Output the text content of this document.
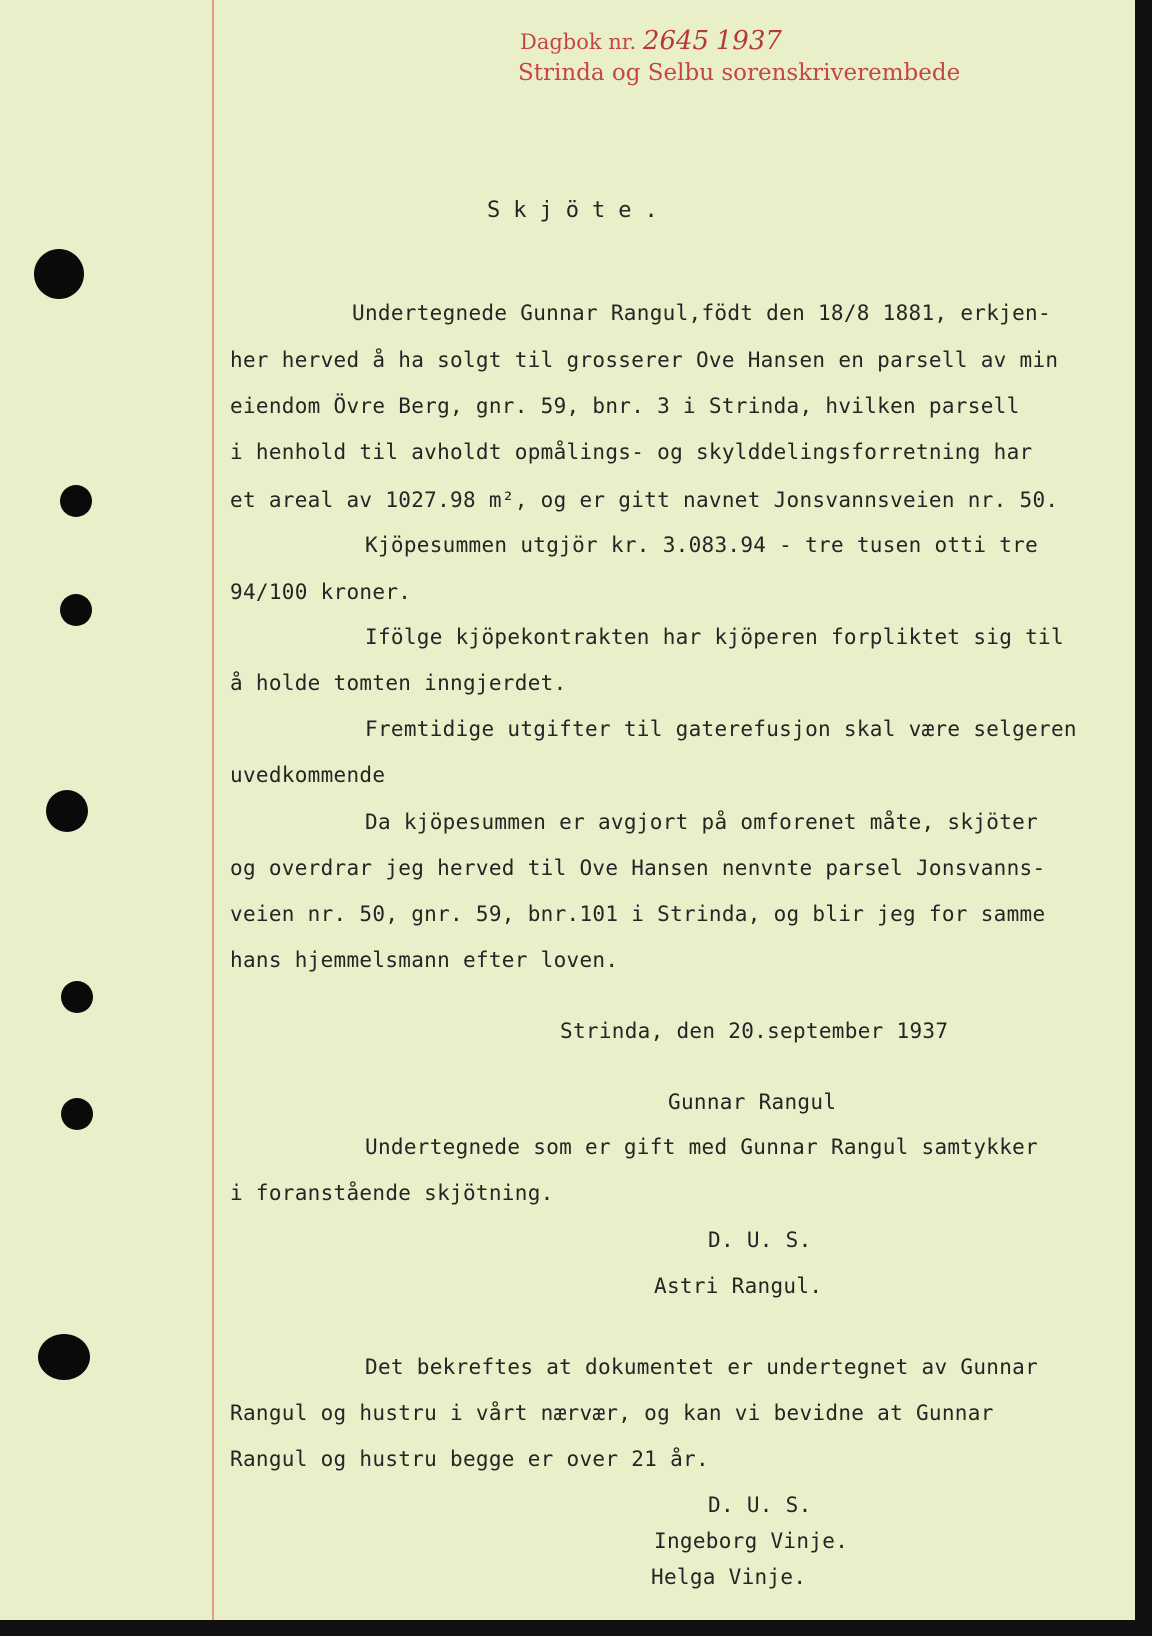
Dagbok nr. 2645 1937
Strinda og Selbu sorenskriverembede
Skjöte.
Undertegnede Gunnar Rangul,födt den 18/8 1881, erkjen-
her herved å ha solgt til grosserer Ove Hansen en parsell av min
eiendom Övre Berg, gnr. 59, bnr. 3 i Strinda, hvilken parsell
i henhold til avholdt opmålings- og skylddelingsforretning har
et areal av 1027.98 m², og er gitt navnet Jonsvannsveien nr. 50.
Kjöpesummen utgjör kr. 3.083.94 - tre tusen otti tre
94/100 kroner.
Ifölge kjöpekontrakten har kjöperen forpliktet sig til
å holde tomten inngjerdet.
Fremtidige utgifter til gaterefusjon skal være selgeren
uvedkommende
Da kjöpesummen er avgjort på omforenet måte, skjöter
og overdrar jeg herved til Ove Hansen nenvnte parsel Jonsvanns-
veien nr. 50, gnr. 59, bnr.101 i Strinda, og blir jeg for samme
hans hjemmelsmann efter loven.
Strinda, den 20.september 1937
Gunnar Rangul
Undertegnede som er gift med Gunnar Rangul samtykker
i foranstående skjötning.
D. U. S.
Astri Rangul.
Det bekreftes at dokumentet er undertegnet av Gunnar
Rangul og hustru i vårt nærvær, og kan vi bevidne at Gunnar
Rangul og hustru begge er over 21 år.
D. U. S.
Ingeborg Vinje.
Helga Vinje.
